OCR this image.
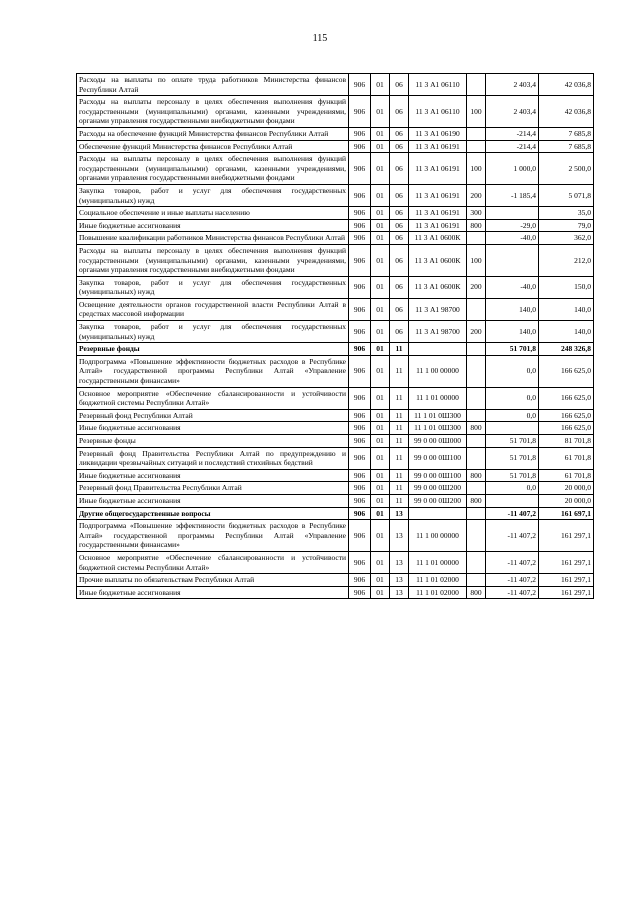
115
Расходы на выплаты по оплате труда работников Министерства финансов Республики Алтай	906	01	06	11 3 А1 06110		2 403,4	42 036,8
Расходы на выплаты персоналу в целях обеспечения выполнения функций государственными (муниципальными) органами, казенными учреждениями, органами управления государственными внебюджетными фондами	906	01	06	11 3 А1 06110	100	2 403,4	42 036,8
Расходы на обеспечение функций Министерства финансов Республики Алтай	906	01	06	11 3 А1 06190		-214,4	7 685,8
Обеспечение функций Министерства финансов Республики Алтай	906	01	06	11 3 А1 06191		-214,4	7 685,8
Расходы на выплаты персоналу в целях обеспечения выполнения функций государственными (муниципальными) органами, казенными учреждениями, органами управления государственными внебюджетными фондами	906	01	06	11 3 А1 06191	100	1 000,0	2 500,0
Закупка товаров, работ и услуг для обеспечения государственных (муниципальных) нужд	906	01	06	11 3 А1 06191	200	-1 185,4	5 071,8
Социальное обеспечение и иные выплаты населению	906	01	06	11 3 А1 06191	300		35,0
Иные бюджетные ассигнования	906	01	06	11 3 А1 06191	800	-29,0	79,0
Повышение квалификации работников Министерства финансов Республики Алтай	906	01	06	11 3 А1 0600К		-40,0	362,0
Расходы на выплаты персоналу в целях обеспечения выполнения функций государственными (муниципальными) органами, казенными учреждениями, органами управления государственными внебюджетными фондами	906	01	06	11 3 А1 0600К	100		212,0
Закупка товаров, работ и услуг для обеспечения государственных (муниципальных) нужд	906	01	06	11 3 А1 0600К	200	-40,0	150,0
Освещение деятельности органов государственной власти Республики Алтай в средствах массовой информации	906	01	06	11 3 А1 98700		140,0	140,0
Закупка товаров, работ и услуг для обеспечения государственных (муниципальных) нужд	906	01	06	11 3 А1 98700	200	140,0	140,0
Резервные фонды	906	01	11			51 701,8	248 326,8
Подпрограмма «Повышение эффективности бюджетных расходов в Республике Алтай» государственной программы Республики Алтай «Управление государственными финансами»	906	01	11	11 1 00 00000		0,0	166 625,0
Основное мероприятие «Обеспечение сбалансированности и устойчивости бюджетной системы Республики Алтай»	906	01	11	11 1 01 00000		0,0	166 625,0
Резервный фонд Республики Алтай	906	01	11	11 1 01 0Ш300		0,0	166 625,0
Иные бюджетные ассигнования	906	01	11	11 1 01 0Ш300	800		166 625,0
Резервные фонды	906	01	11	99 0 00 0Ш000		51 701,8	81 701,8
Резервный фонд Правительства Республики Алтай по предупреждению и ликвидации чрезвычайных ситуаций и последствий стихийных бедствий	906	01	11	99 0 00 0Ш100		51 701,8	61 701,8
Иные бюджетные ассигнования	906	01	11	99 0 00 0Ш100	800	51 701,8	61 701,8
Резервный фонд Правительства Республики Алтай	906	01	11	99 0 00 0Ш200		0,0	20 000,0
Иные бюджетные ассигнования	906	01	11	99 0 00 0Ш200	800		20 000,0
Другие общегосударственные вопросы	906	01	13			-11 407,2	161 697,1
Подпрограмма «Повышение эффективности бюджетных расходов в Республике Алтай» государственной программы Республики Алтай «Управление государственными финансами»	906	01	13	11 1 00 00000		-11 407,2	161 297,1
Основное мероприятие «Обеспечение сбалансированности и устойчивости бюджетной системы Республики Алтай»	906	01	13	11 1 01 00000		-11 407,2	161 297,1
Прочие выплаты по обязательствам Республики Алтай	906	01	13	11 1 01 02000		-11 407,2	161 297,1
Иные бюджетные ассигнования	906	01	13	11 1 01 02000	800	-11 407,2	161 297,1
